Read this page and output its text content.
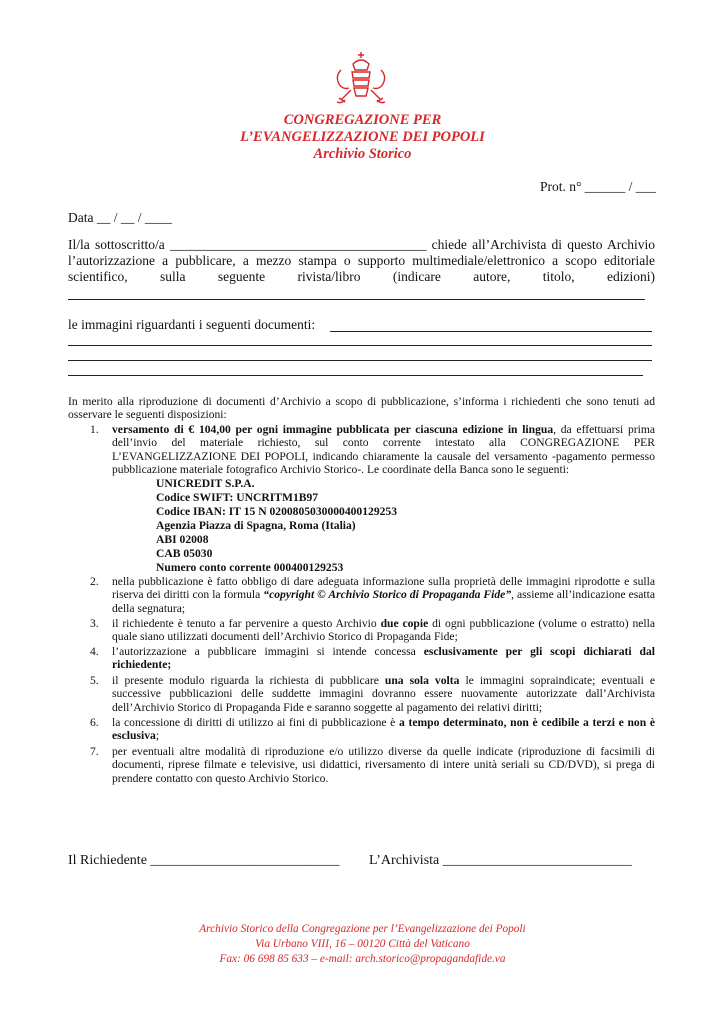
CONGREGAZIONE PER
L’EVANGELIZZAZIONE DEI POPOLI
Archivio Storico
Prot. n° ______ / ___
Data __ / __ / ____
Il/la sottoscritto/a ______________________________________ chiede all’Archivista di questo Archivio l’autorizzazione a pubblicare, a mezzo stampa o supporto multimediale/elettronico a scopo editoriale scientifico, sulla seguente rivista/libro (indicare autore, titolo, edizioni)
le immagini riguardanti i seguenti documenti:
In merito alla riproduzione di documenti d’Archivio a scopo di pubblicazione, s’informa i richiedenti che sono tenuti ad osservare le seguenti disposizioni:
1. versamento di € 104,00 per ogni immagine pubblicata per ciascuna edizione in lingua, da effettuarsi prima dell’invio del materiale richiesto, sul conto corrente intestato alla CONGREGAZIONE PER L’EVANGELIZZAZIONE DEI POPOLI, indicando chiaramente la causale del versamento -pagamento permesso pubblicazione materiale fotografico Archivio Storico-. Le coordinate della Banca sono le seguenti:
UNICREDIT S.P.A.
Codice SWIFT: UNCRITM1B97
Codice IBAN: IT 15 N 0200805030000400129253
Agenzia Piazza di Spagna, Roma (Italia)
ABI 02008
CAB 05030
Numero conto corrente 000400129253
2. nella pubblicazione è fatto obbligo di dare adeguata informazione sulla proprietà delle immagini riprodotte e sulla riserva dei diritti con la formula “copyright © Archivio Storico di Propaganda Fide”, assieme all’indicazione esatta della segnatura;
3. il richiedente è tenuto a far pervenire a questo Archivio due copie di ogni pubblicazione (volume o estratto) nella quale siano utilizzati documenti dell’Archivio Storico di Propaganda Fide;
4. l’autorizzazione a pubblicare immagini si intende concessa esclusivamente per gli scopi dichiarati dal richiedente;
5. il presente modulo riguarda la richiesta di pubblicare una sola volta le immagini sopraindicate; eventuali e successive pubblicazioni delle suddette immagini dovranno essere nuovamente autorizzate dall’Archivista dell’Archivio Storico di Propaganda Fide e saranno soggette al pagamento dei relativi diritti;
6. la concessione di diritti di utilizzo ai fini di pubblicazione è a tempo determinato, non è cedibile a terzi e non è esclusiva;
7. per eventuali altre modalità di riproduzione e/o utilizzo diverse da quelle indicate (riproduzione di facsimili di documenti, riprese filmate e televisive, usi didattici, riversamento di intere unità seriali su CD/DVD), si prega di prendere contatto con questo Archivio Storico.
Il Richiedente ___________________________ L’Archivista ___________________________
Archivio Storico della Congregazione per l’Evangelizzazione dei Popoli
Via Urbano VIII, 16 – 00120 Città del Vaticano
Fax: 06 698 85 633 – e-mail: arch.storico@propagandafide.va
